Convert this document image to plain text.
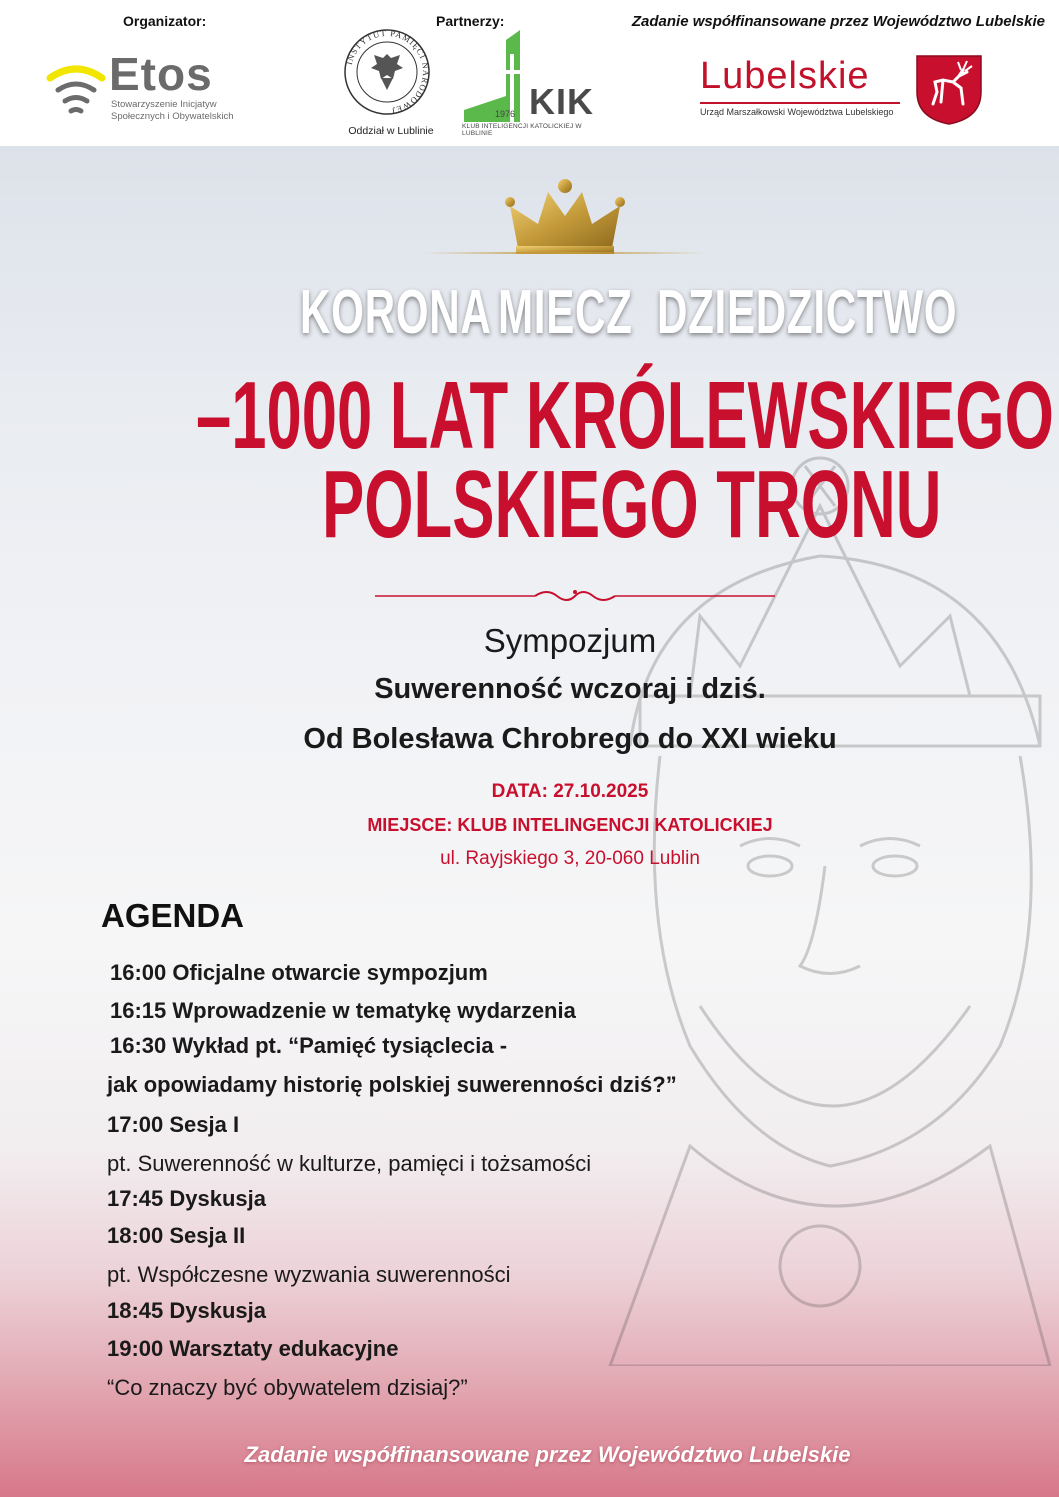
Organizator:	Partnerzy:	Zadanie współfinansowane przez Województwo Lubelskie
Etos
Stowarzyszenie Inicjatyw Społecznych i Obywatelskich
INSTYTUT PAMIĘCI NARODOWEJ
Oddział w Lublinie
KIK
1976
KLUB INTELIGENCJI KATOLICKIEJ W LUBLINIE
Lubelskie
Urząd Marszałkowski Województwa Lubelskiego
KORONA MIECZ DZIEDZICTWO
–1000 LAT KRÓLEWSKIEGO
POLSKIEGO TRONU
Sympozjum
Suwerenność wczoraj i dziś.
Od Bolesława Chrobrego do XXI wieku
DATA: 27.10.2025
MIEJSCE: KLUB INTELINGENCJI KATOLICKIEJ
ul. Rayjskiego 3, 20-060 Lublin
AGENDA
16:00 Oficjalne otwarcie sympozjum
16:15 Wprowadzenie w tematykę wydarzenia
16:30 Wykład pt. “Pamięć tysiąclecia -
jak opowiadamy historię polskiej suwerenności dziś?”
17:00 Sesja I
pt. Suwerenność w kulturze, pamięci i tożsamości
17:45 Dyskusja
18:00 Sesja II
pt. Współczesne wyzwania suwerenności
18:45 Dyskusja
19:00 Warsztaty edukacyjne
“Co znaczy być obywatelem dzisiaj?”
Zadanie współfinansowane przez Województwo Lubelskie
